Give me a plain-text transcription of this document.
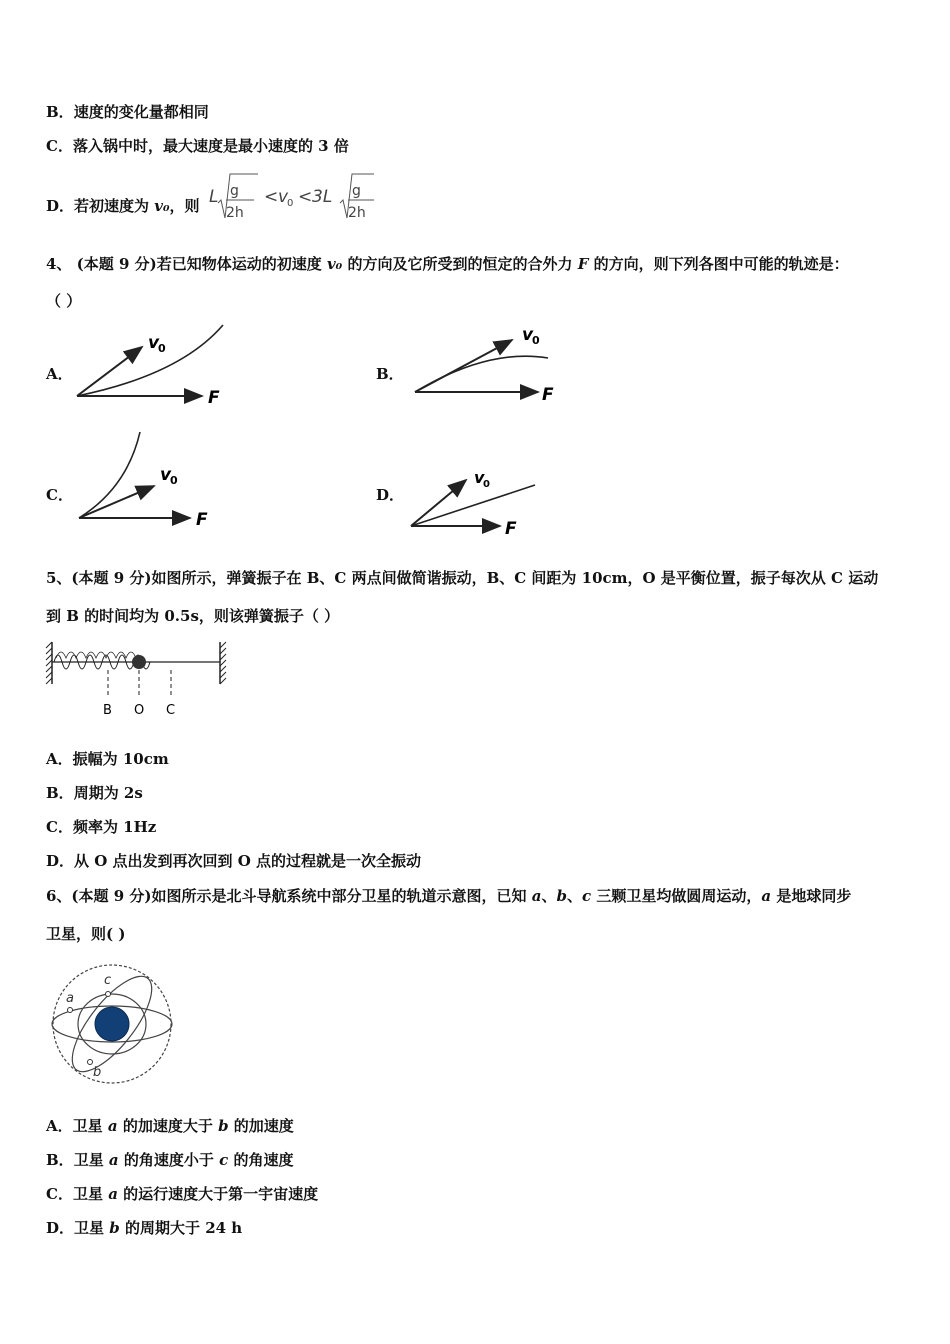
B．速度的变化量都相同
C．落入锅中时，最大速度是最小速度的 3 倍
D．若初速度为 v₀，则 L g
2h
< v
0 < 3L g
2h
4、 (本题 9 分)若已知物体运动的初速度 v₀ 的方向及它所受到的恒定的合外力 F 的方向，则下列各图中可能的轨迹是：
（ ）
A．
v
0
F
B．
v
0
F
C．
v
0
F
D．
v
0
F
5、(本题 9 分)如图所示，弹簧振子在 B、C 两点间做简谐振动，B、C 间距为 10cm，O 是平衡位置，振子每次从 C 运动
到 B 的时间均为 0.5s，则该弹簧振子（ ）
B O C
A．振幅为 10cm
B．周期为 2s
C．频率为 1Hz
D．从 O 点出发到再次回到 O 点的过程就是一次全振动
6、(本题 9 分)如图所示是北斗导航系统中部分卫星的轨道示意图，已知 a、b、c 三颗卫星均做圆周运动，a 是地球同步
卫星，则( )
a
b
c
A．卫星 a 的加速度大于 b 的加速度
B．卫星 a 的角速度小于 c 的角速度
C．卫星 a 的运行速度大于第一宇宙速度
D．卫星 b 的周期大于 24 h
